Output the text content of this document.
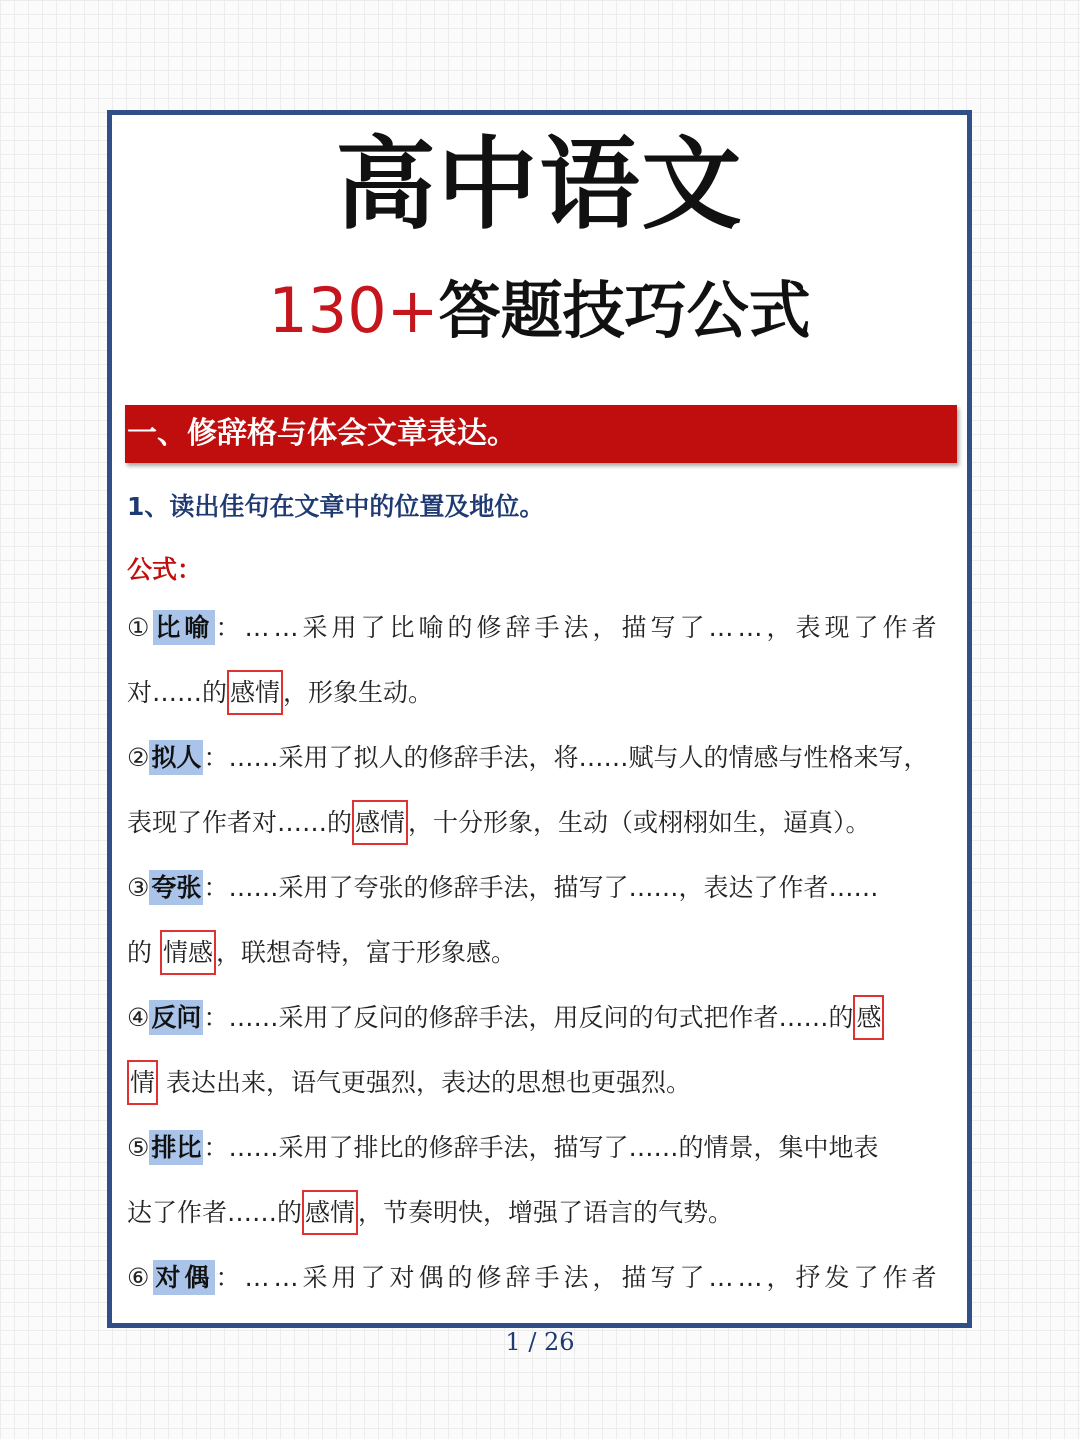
高中语文
130+答题技巧公式
一、修辞格与体会文章表达。
1、读出佳句在文章中的位置及地位。
公式：
①比喻：……采用了比喻的修辞手法，描写了……，表现了作者
对……的 感情 ，形象生动。
②拟人：……采用了拟人的修辞手法，将……赋与人的情感与性格来写，
表现了作者对……的 感情 ，十分形象，生动（或栩栩如生，逼真）。
③夸张：……采用了夸张的修辞手法，描写了……，表达了作者……
的 情感 ，联想奇特，富于形象感。
④反问：……采用了反问的修辞手法，用反问的句式把作者……的 感
情 表达出来，语气更强烈，表达的思想也更强烈。
⑤排比：……采用了排比的修辞手法，描写了……的情景，集中地表
达了作者……的 感情 ，节奏明快，增强了语言的气势。
⑥对偶：……采用了对偶的修辞手法，描写了……，抒发了作者
1 / 26
